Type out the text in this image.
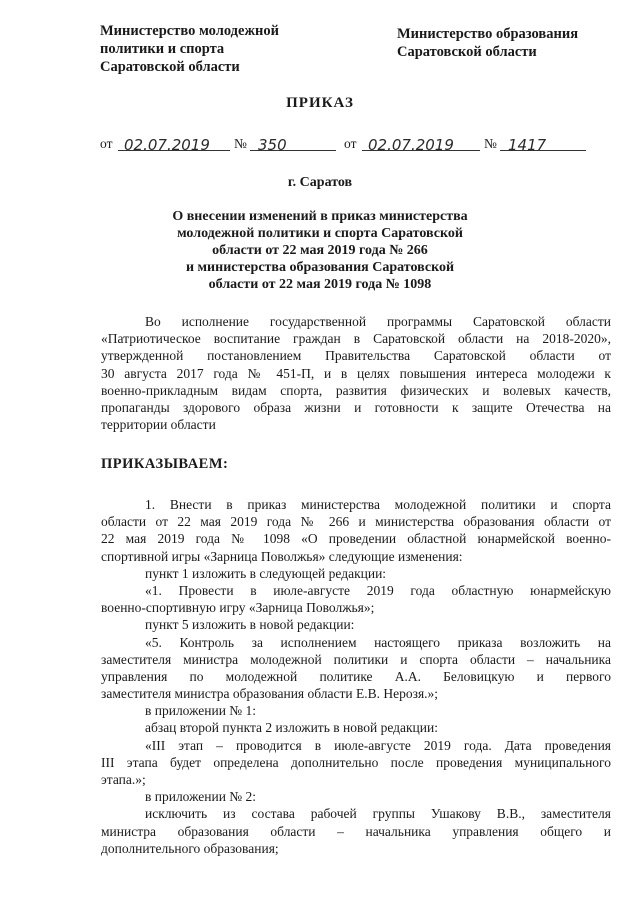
Министерство молодежной
политики и спорта
Саратовской области
Министерство образования
Саратовской области
ПРИКАЗ
от 02.07.2019 № 350	от 02.07.2019 № 1417
г. Саратов
О внесении изменений в приказ министерства
молодежной политики и спорта Саратовской
области от 22 мая 2019 года № 266
и министерства образования Саратовской
области от 22 мая 2019 года № 1098
Во исполнение государственной программы Саратовской области
«Патриотическое воспитание граждан в Саратовской области на 2018-2020»,
утвержденной постановлением Правительства Саратовской области от
30 августа 2017 года № 451-П, и в целях повышения интереса молодежи к
военно-прикладным видам спорта, развития физических и волевых качеств,
пропаганды здорового образа жизни и готовности к защите Отечества на
территории области
ПРИКАЗЫВАЕМ:
1. Внести в приказ министерства молодежной политики и спорта
области от 22 мая 2019 года № 266 и министерства образования области от
22 мая 2019 года № 1098 «О проведении областной юнармейской военно-
спортивной игры «Зарница Поволжья» следующие изменения:
пункт 1 изложить в следующей редакции:
«1. Провести в июле-августе 2019 года областную юнармейскую
военно-спортивную игру «Зарница Поволжья»;
пункт 5 изложить в новой редакции:
«5. Контроль за исполнением настоящего приказа возложить на
заместителя министра молодежной политики и спорта области – начальника
управления по молодежной политике А.А. Беловицкую и первого
заместителя министра образования области Е.В. Нерозя.»;
в приложении № 1:
абзац второй пункта 2 изложить в новой редакции:
«III этап – проводится в июле-августе 2019 года. Дата проведения
III этапа будет определена дополнительно после проведения муниципального
этапа.»;
в приложении № 2:
исключить из состава рабочей группы Ушакову В.В., заместителя
министра образования области – начальника управления общего и
дополнительного образования;
